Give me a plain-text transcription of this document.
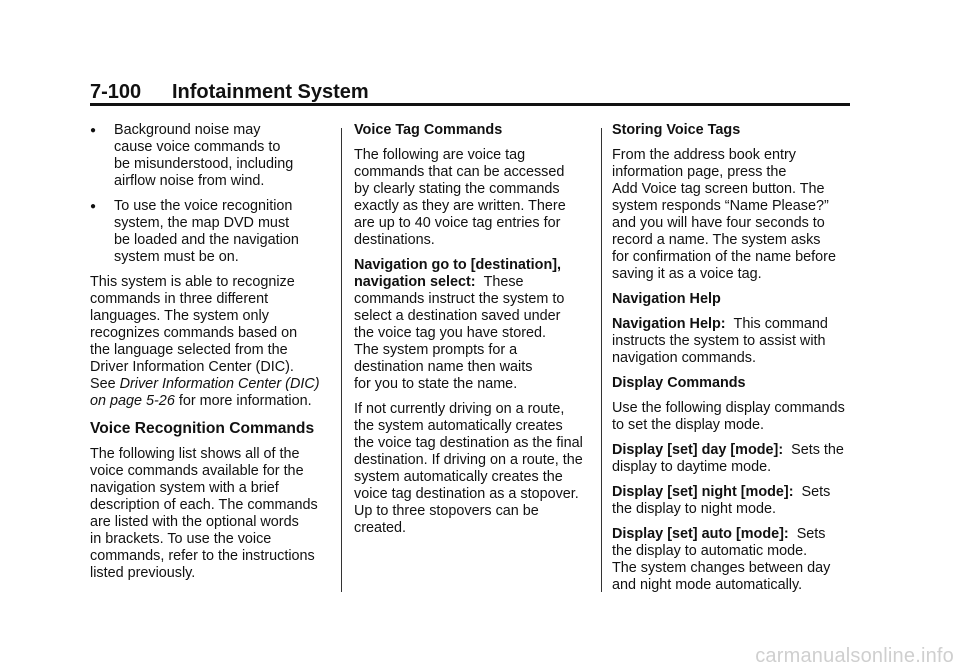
7-100 Infotainment System
●	Background noise may
cause voice commands to
be misunderstood, including
airflow noise from wind.
●	To use the voice recognition
system, the map DVD must
be loaded and the navigation
system must be on.

This system is able to recognize
commands in three different
languages. The system only
recognizes commands based on
the language selected from the
Driver Information Center (DIC).
See Driver Information Center (DIC)
on page 5-26 for more information.

Voice Recognition Commands

The following list shows all of the
voice commands available for the
navigation system with a brief
description of each. The commands
are listed with the optional words
in brackets. To use the voice
commands, refer to the instructions
listed previously.

Voice Tag Commands

The following are voice tag
commands that can be accessed
by clearly stating the commands
exactly as they are written. There
are up to 40 voice tag entries for
destinations.

Navigation go to [destination],
navigation select: These
commands instruct the system to
select a destination saved under
the voice tag you have stored.
The system prompts for a
destination name then waits
for you to state the name.

If not currently driving on a route,
the system automatically creates
the voice tag destination as the final
destination. If driving on a route, the
system automatically creates the
voice tag destination as a stopover.
Up to three stopovers can be
created.

Storing Voice Tags

From the address book entry
information page, press the
Add Voice tag screen button. The
system responds “Name Please?”
and you will have four seconds to
record a name. The system asks
for confirmation of the name before
saving it as a voice tag.

Navigation Help

Navigation Help: This command
instructs the system to assist with
navigation commands.

Display Commands

Use the following display commands
to set the display mode.

Display [set] day [mode]: Sets the
display to daytime mode.

Display [set] night [mode]: Sets
the display to night mode.

Display [set] auto [mode]: Sets
the display to automatic mode.
The system changes between day
and night mode automatically.

carmanualsonline.info
